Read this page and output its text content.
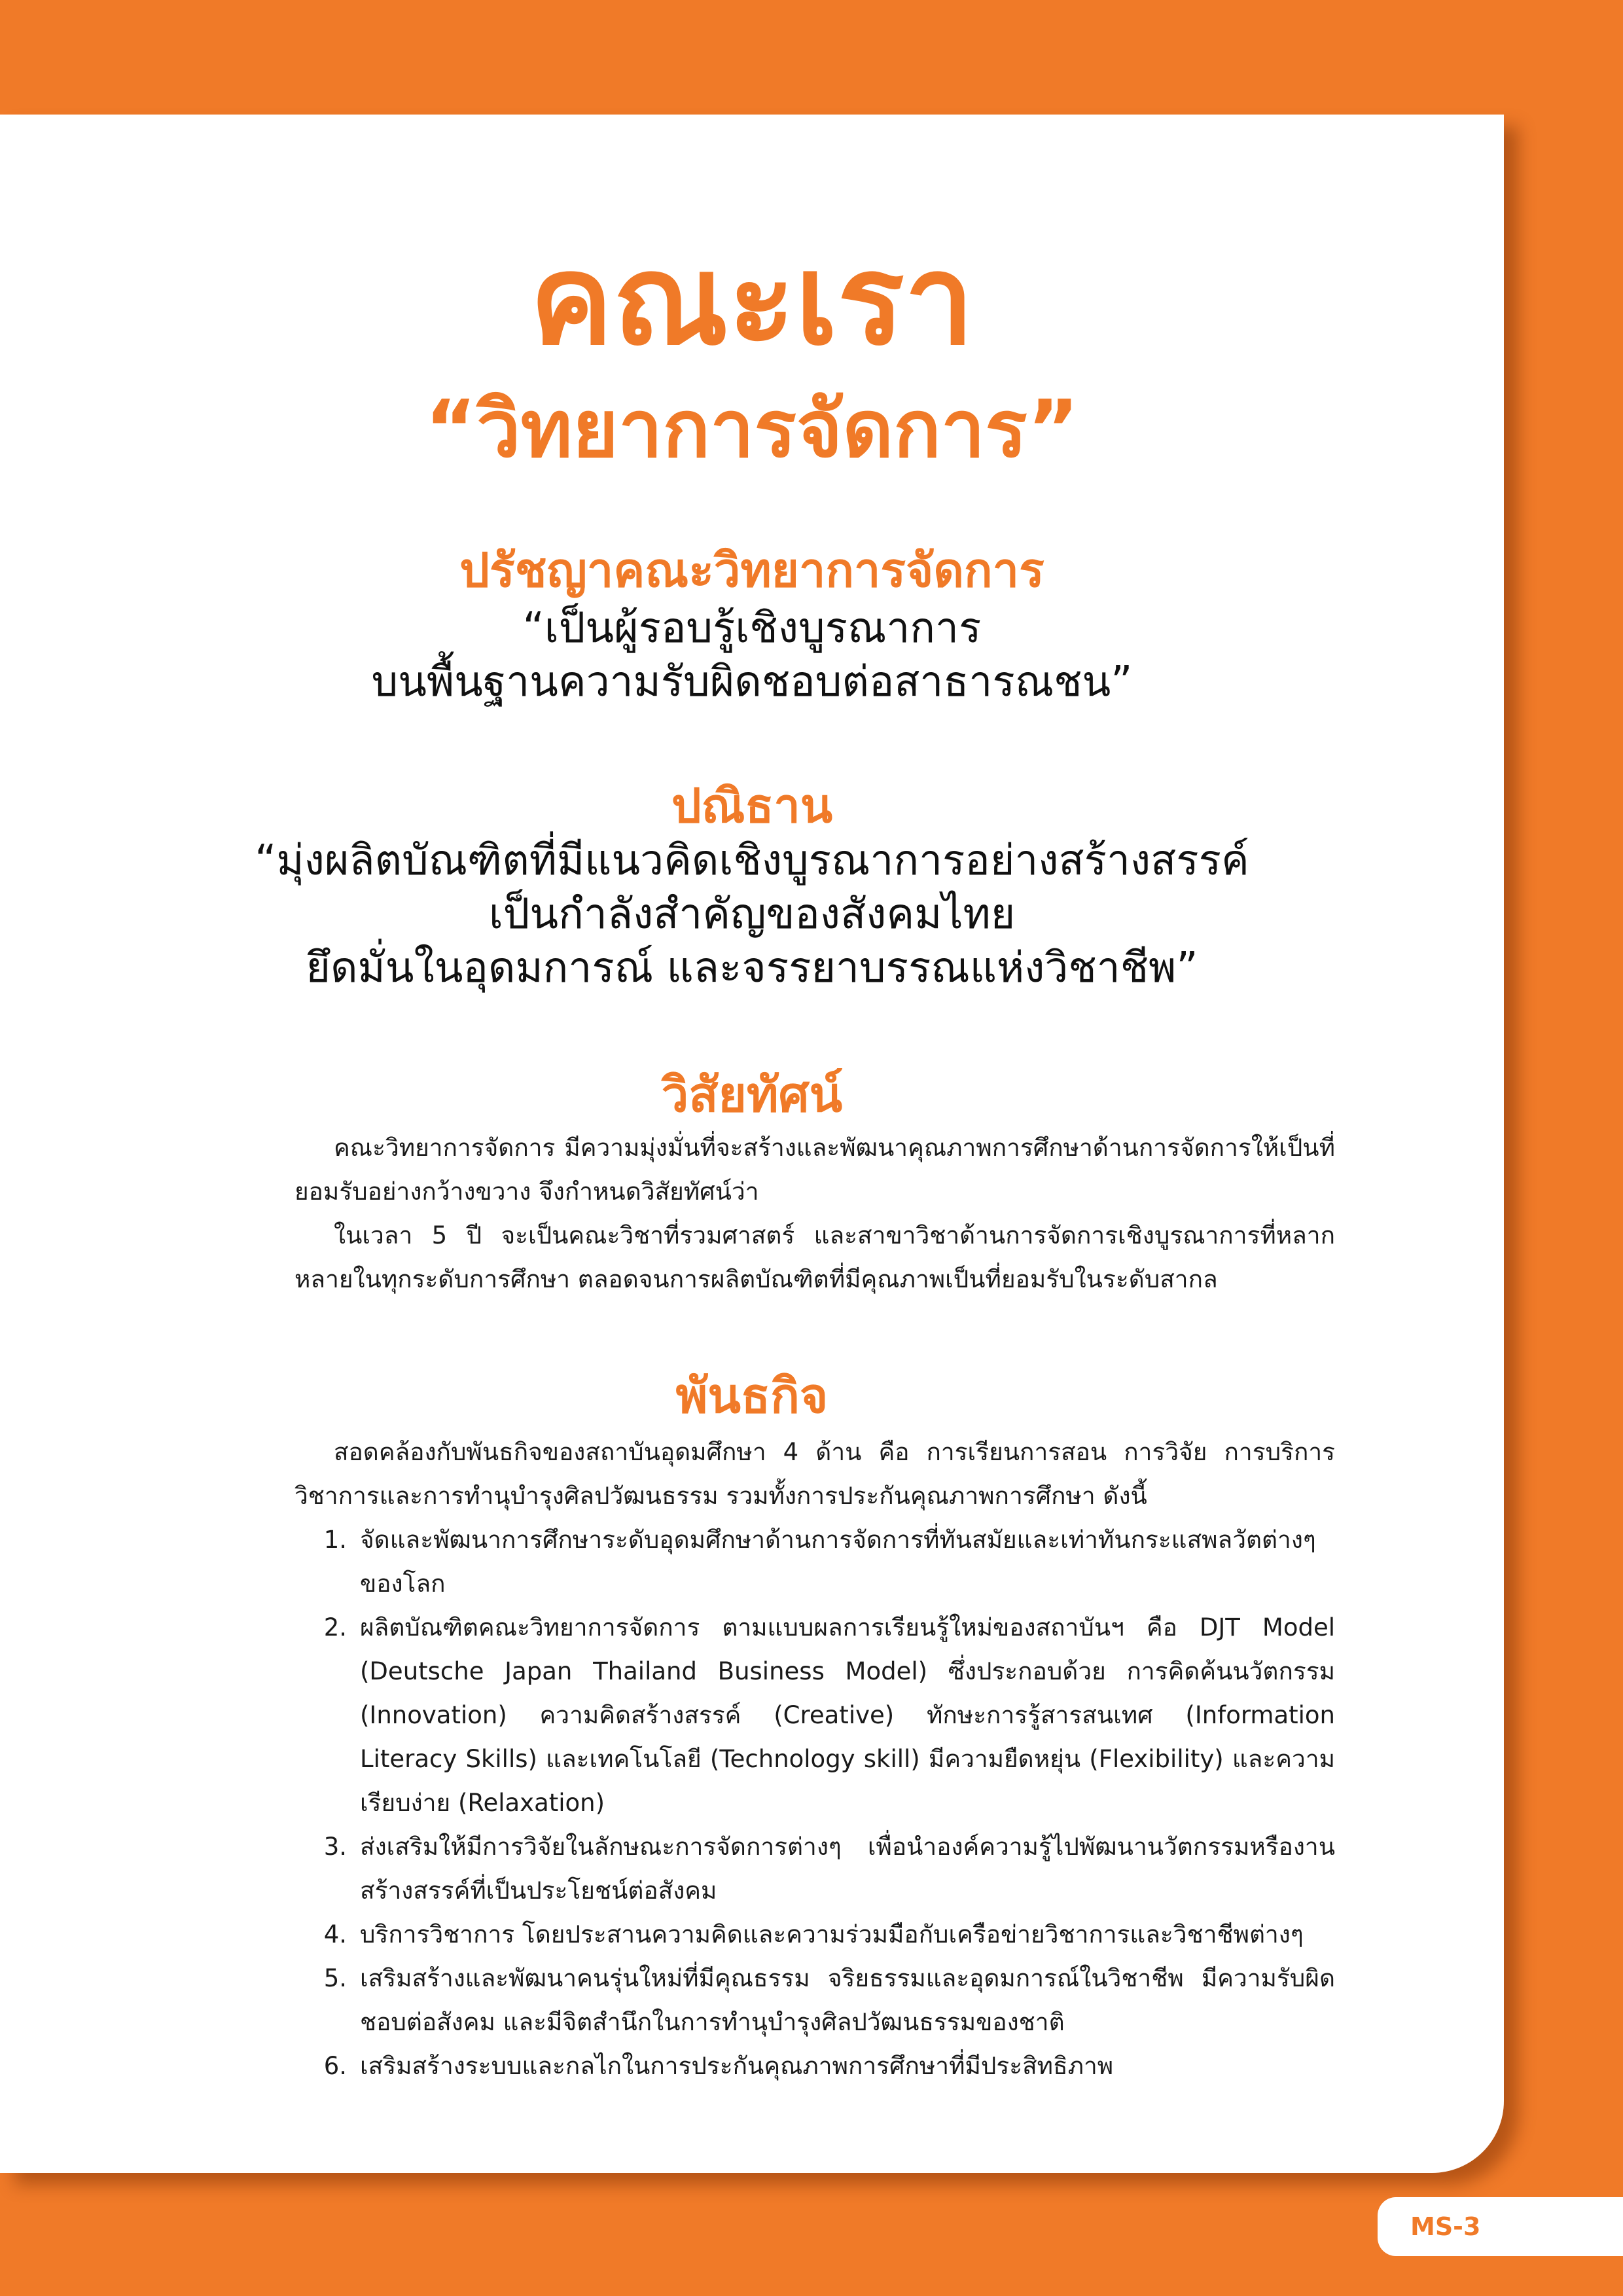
คณะเรา
“วิทยาการจัดการ”
ปรัชญาคณะวิทยาการจัดการ
“เป็นผู้รอบรู้เชิงบูรณาการ
บนพื้นฐานความรับผิดชอบต่อสาธารณชน”
ปณิธาน
“มุ่งผลิตบัณฑิตที่มีแนวคิดเชิงบูรณาการอย่างสร้างสรรค์
เป็นกำลังสำคัญของสังคมไทย
ยึดมั่นในอุดมการณ์ และจรรยาบรรณแห่งวิชาชีพ”
วิสัยทัศน์

คณะวิทยาการจัดการ มีความมุ่งมั่นที่จะสร้างและพัฒนาคุณภาพการศึกษาด้านการจัดการให้เป็นที่ยอมรับอย่างกว้างขวาง จึงกำหนดวิสัยทัศน์ว่า

ในเวลา 5 ปี จะเป็นคณะวิชาที่รวมศาสตร์ และสาขาวิชาด้านการจัดการเชิงบูรณาการที่หลากหลายในทุกระดับการศึกษา ตลอดจนการผลิตบัณฑิตที่มีคุณภาพเป็นที่ยอมรับในระดับสากล

พันธกิจ

สอดคล้องกับพันธกิจของสถาบันอุดมศึกษา 4 ด้าน คือ การเรียนการสอน การวิจัย การบริการวิชาการและการทำนุบำรุงศิลปวัฒนธรรม รวมทั้งการประกันคุณภาพการศึกษา ดังนี้

1. จัดและพัฒนาการศึกษาระดับอุดมศึกษาด้านการจัดการที่ทันสมัยและเท่าทันกระแสพลวัตต่างๆ ของโลก
2. ผลิตบัณฑิตคณะวิทยาการจัดการ ตามแบบผลการเรียนรู้ใหม่ของสถาบันฯ คือ DJT Model (Deutsche Japan Thailand Business Model) ซึ่งประกอบด้วย การคิดค้นนวัตกรรม (Innovation) ความคิดสร้างสรรค์ (Creative) ทักษะการรู้สารสนเทศ (Information Literacy Skills) และเทคโนโลยี (Technology skill) มีความยืดหยุ่น (Flexibility) และความเรียบง่าย (Relaxation)
3. ส่งเสริมให้มีการวิจัยในลักษณะการจัดการต่างๆ เพื่อนำองค์ความรู้ไปพัฒนานวัตกรรมหรืองานสร้างสรรค์ที่เป็นประโยชน์ต่อสังคม
4. บริการวิชาการ โดยประสานความคิดและความร่วมมือกับเครือข่ายวิชาการและวิชาชีพต่างๆ
5. เสริมสร้างและพัฒนาคนรุ่นใหม่ที่มีคุณธรรม จริยธรรมและอุดมการณ์ในวิชาชีพ มีความรับผิดชอบต่อสังคม และมีจิตสำนึกในการทำนุบำรุงศิลปวัฒนธรรมของชาติ
6. เสริมสร้างระบบและกลไกในการประกันคุณภาพการศึกษาที่มีประสิทธิภาพ
MS-3
